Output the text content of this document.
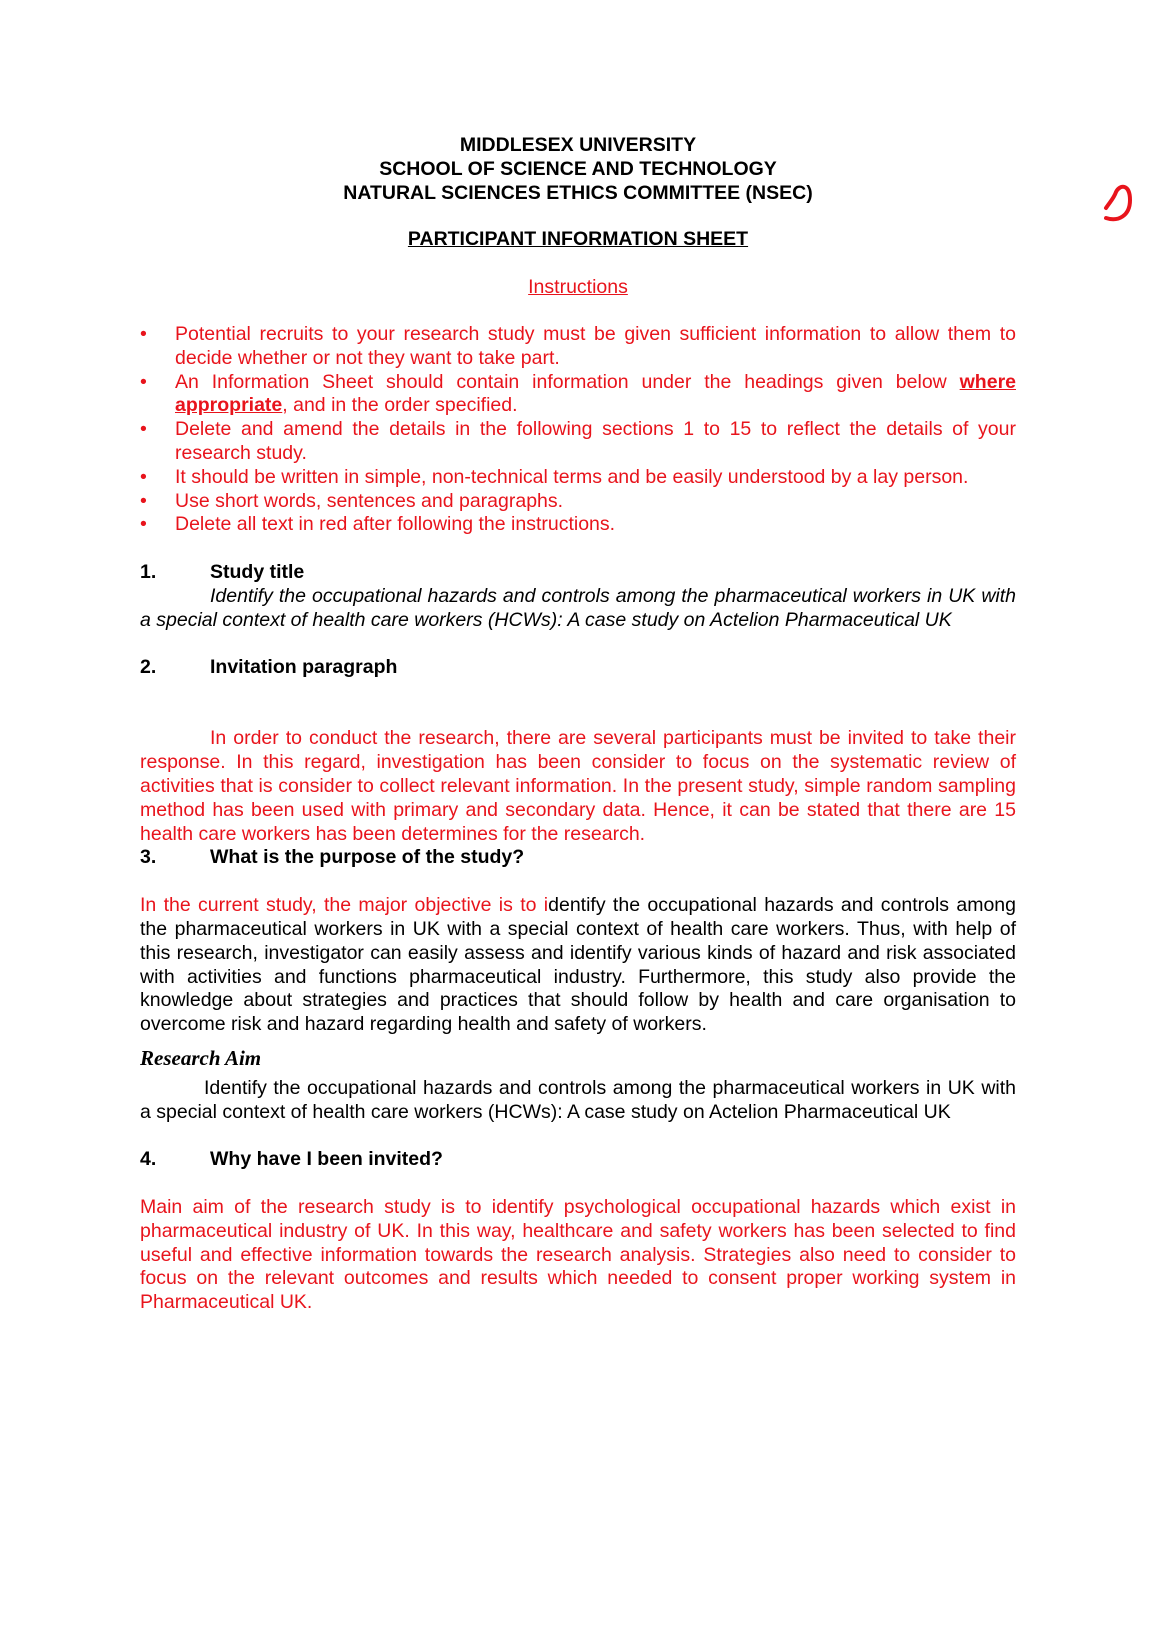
MIDDLESEX UNIVERSITY
SCHOOL OF SCIENCE AND TECHNOLOGY
NATURAL SCIENCES ETHICS COMMITTEE (NSEC)
PARTICIPANT INFORMATION SHEET
Instructions
• Potential recruits to your research study must be given sufficient information to allow them to decide whether or not they want to take part.
• An Information Sheet should contain information under the headings given below where appropriate, and in the order specified.
• Delete and amend the details in the following sections 1 to 15 to reflect the details of your research study.
• It should be written in simple, non-technical terms and be easily understood by a lay person.
• Use short words, sentences and paragraphs.
• Delete all text in red after following the instructions.
1.	Study title
Identify the occupational hazards and controls among the pharmaceutical workers in UK with a special context of health care workers (HCWs): A case study on Actelion Pharmaceutical UK
2.	Invitation paragraph
In order to conduct the research, there are several participants must be invited to take their response. In this regard, investigation has been consider to focus on the systematic review of activities that is consider to collect relevant information. In the present study, simple random sampling method has been used with primary and secondary data. Hence, it can be stated that there are 15 health care workers has been determines for the research.
3.	What is the purpose of the study?
In the current study, the major objective is to identify the occupational hazards and controls among the pharmaceutical workers in UK with a special context of health care workers. Thus, with help of this research, investigator can easily assess and identify various kinds of hazard and risk associated with activities and functions pharmaceutical industry. Furthermore, this study also provide the knowledge about strategies and practices that should follow by health and care organisation to overcome risk and hazard regarding health and safety of workers.
Research Aim
Identify the occupational hazards and controls among the pharmaceutical workers in UK with a special context of health care workers (HCWs): A case study on Actelion Pharmaceutical UK
4.	Why have I been invited?
Main aim of the research study is to identify psychological occupational hazards which exist in pharmaceutical industry of UK. In this way, healthcare and safety workers has been selected to find useful and effective information towards the research analysis. Strategies also need to consider to focus on the relevant outcomes and results which needed to consent proper working system in Pharmaceutical UK.
